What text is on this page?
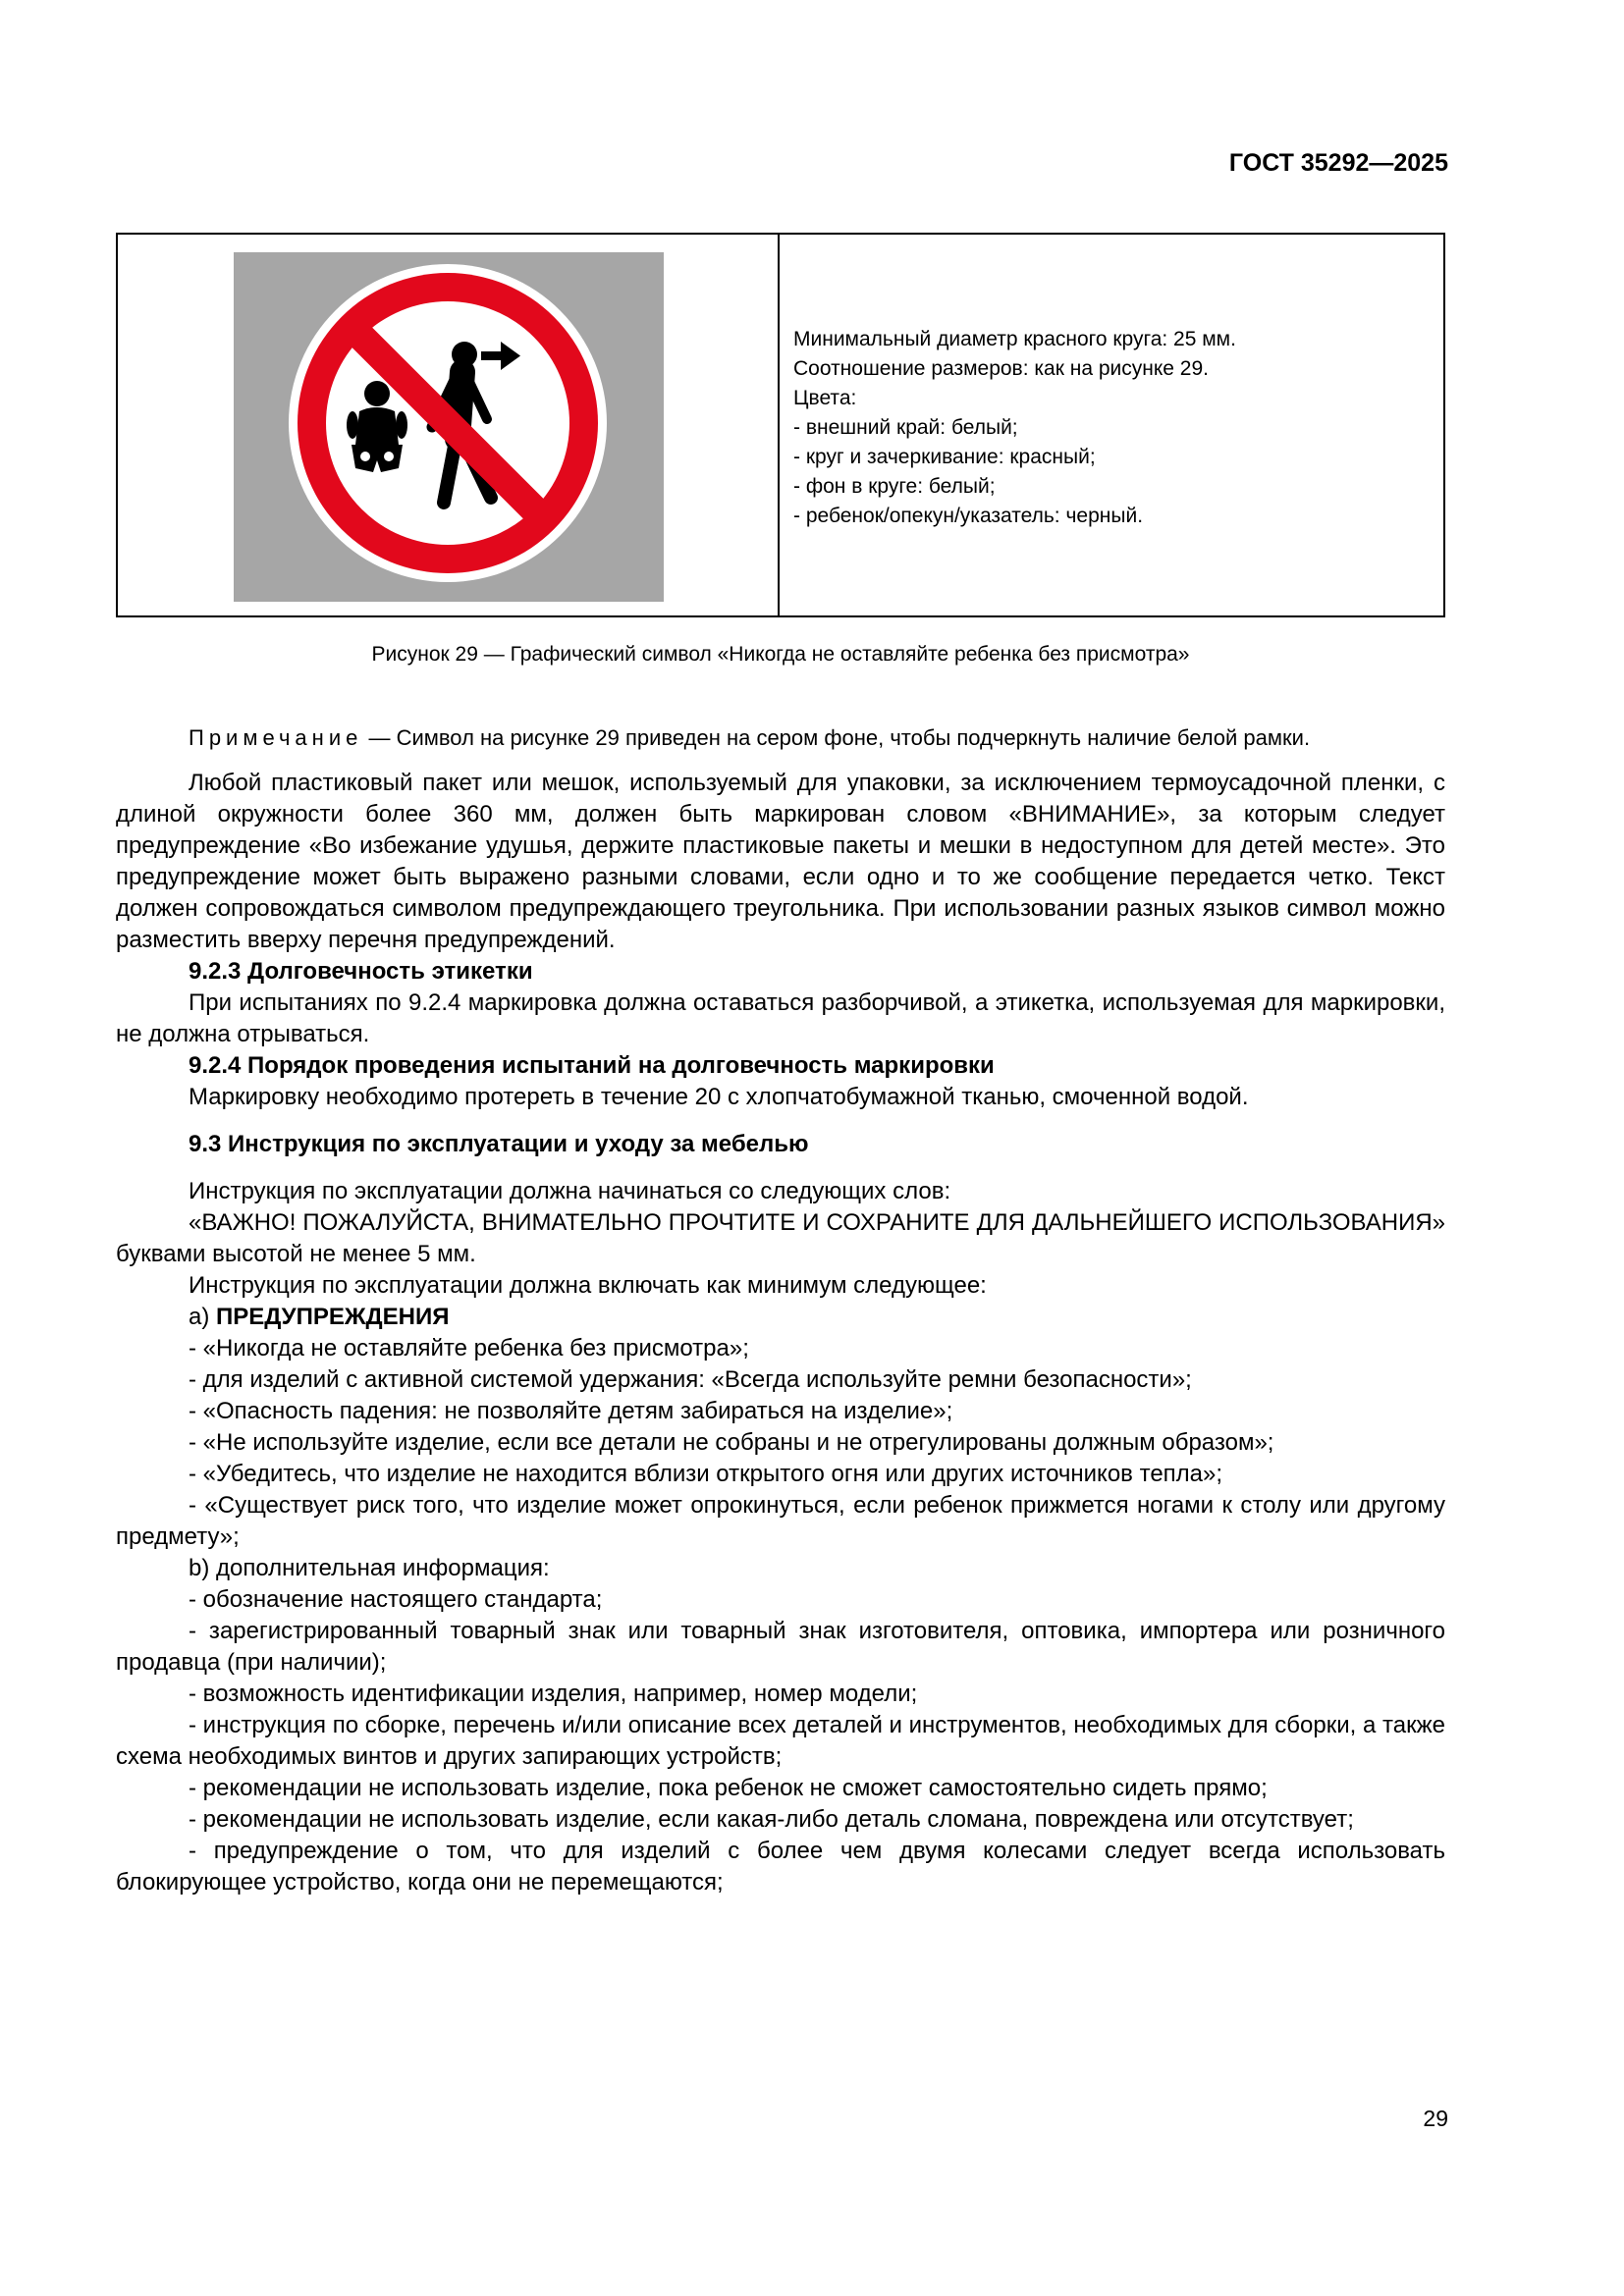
ГОСТ 35292—2025
Минимальный диаметр красного круга: 25 мм.
Соотношение размеров: как на рисунке 29.
Цвета:
- внешний край: белый;
- круг и зачеркивание: красный;
- фон в круге: белый;
- ребенок/опекун/указатель: черный.
Рисунок 29 — Графический символ «Никогда не оставляйте ребенка без присмотра»

Примечание — Символ на рисунке 29 приведен на сером фоне, чтобы подчеркнуть наличие белой рамки.

Любой пластиковый пакет или мешок, используемый для упаковки, за исключением термоусадочной пленки, с длиной окружности более 360 мм, должен быть маркирован словом «ВНИМАНИЕ», за которым следует предупреждение «Во избежание удушья, держите пластиковые пакеты и мешки в недоступном для детей месте». Это предупреждение может быть выражено разными словами, если одно и то же сообщение передается четко. Текст должен сопровождаться символом предупреждающего треугольника. При использовании разных языков символ можно разместить вверху перечня предупреждений.

9.2.3 Долговечность этикетки

При испытаниях по 9.2.4 маркировка должна оставаться разборчивой, а этикетка, используемая для маркировки, не должна отрываться.

9.2.4 Порядок проведения испытаний на долговечность маркировки

Маркировку необходимо протереть в течение 20 с хлопчатобумажной тканью, смоченной водой.

9.3 Инструкция по эксплуатации и уходу за мебелью

Инструкция по эксплуатации должна начинаться со следующих слов:

«ВАЖНО! ПОЖАЛУЙСТА, ВНИМАТЕЛЬНО ПРОЧТИТЕ И СОХРАНИТЕ ДЛЯ ДАЛЬНЕЙШЕГО ИСПОЛЬЗОВАНИЯ» буквами высотой не менее 5 мм.

Инструкция по эксплуатации должна включать как минимум следующее:

a) ПРЕДУПРЕЖДЕНИЯ

- «Никогда не оставляйте ребенка без присмотра»;

- для изделий с активной системой удержания: «Всегда используйте ремни безопасности»;

- «Опасность падения: не позволяйте детям забираться на изделие»;

- «Не используйте изделие, если все детали не собраны и не отрегулированы должным образом»;

- «Убедитесь, что изделие не находится вблизи открытого огня или других источников тепла»;

- «Существует риск того, что изделие может опрокинуться, если ребенок прижмется ногами к столу или другому предмету»;

b) дополнительная информация:

- обозначение настоящего стандарта;

- зарегистрированный товарный знак или товарный знак изготовителя, оптовика, импортера или розничного продавца (при наличии);

- возможность идентификации изделия, например, номер модели;

- инструкция по сборке, перечень и/или описание всех деталей и инструментов, необходимых для сборки, а также схема необходимых винтов и других запирающих устройств;

- рекомендации не использовать изделие, пока ребенок не сможет самостоятельно сидеть прямо;

- рекомендации не использовать изделие, если какая-либо деталь сломана, повреждена или отсутствует;

- предупреждение о том, что для изделий с более чем двумя колесами следует всегда использовать блокирующее устройство, когда они не перемещаются;

29
